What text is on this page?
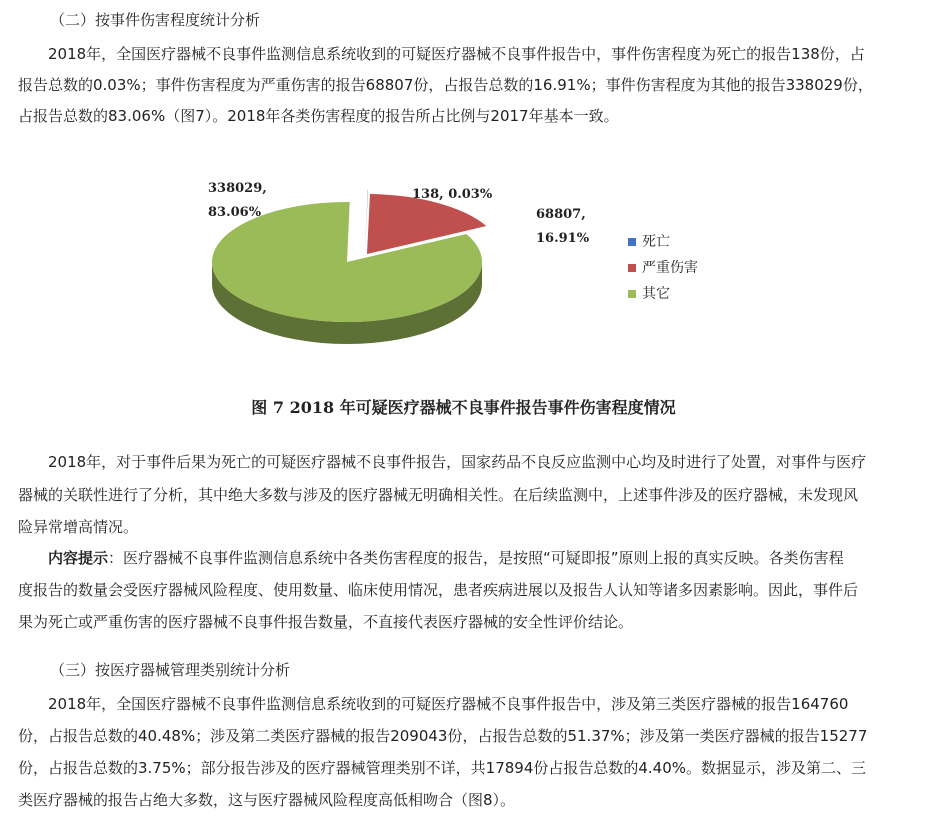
（二）按事件伤害程度统计分析
2018年，全国医疗器械不良事件监测信息系统收到的可疑医疗器械不良事件报告中，事件伤害程度为死亡的报告138份，占
报告总数的0.03%；事件伤害程度为严重伤害的报告68807份，占报告总数的16.91%；事件伤害程度为其他的报告338029份，
占报告总数的83.06%（图7）。2018年各类伤害程度的报告所占比例与2017年基本一致。
138, 0.03%
68807,
16.91%
338029,
83.06%
死亡
严重伤害
其它
图 7 2018 年可疑医疗器械不良事件报告事件伤害程度情况
2018年，对于事件后果为死亡的可疑医疗器械不良事件报告，国家药品不良反应监测中心均及时进行了处置，对事件与医疗
器械的关联性进行了分析，其中绝大多数与涉及的医疗器械无明确相关性。在后续监测中，上述事件涉及的医疗器械，未发现风
险异常增高情况。
内容提示：医疗器械不良事件监测信息系统中各类伤害程度的报告，是按照“可疑即报”原则上报的真实反映。各类伤害程
度报告的数量会受医疗器械风险程度、使用数量、临床使用情况，患者疾病进展以及报告人认知等诸多因素影响。因此，事件后
果为死亡或严重伤害的医疗器械不良事件报告数量，不直接代表医疗器械的安全性评价结论。
（三）按医疗器械管理类别统计分析
2018年，全国医疗器械不良事件监测信息系统收到的可疑医疗器械不良事件报告中，涉及第三类医疗器械的报告164760
份，占报告总数的40.48%；涉及第二类医疗器械的报告209043份，占报告总数的51.37%；涉及第一类医疗器械的报告15277
份，占报告总数的3.75%；部分报告涉及的医疗器械管理类别不详，共17894份占报告总数的4.40%。数据显示，涉及第二、三
类医疗器械的报告占绝大多数，这与医疗器械风险程度高低相吻合（图8）。
